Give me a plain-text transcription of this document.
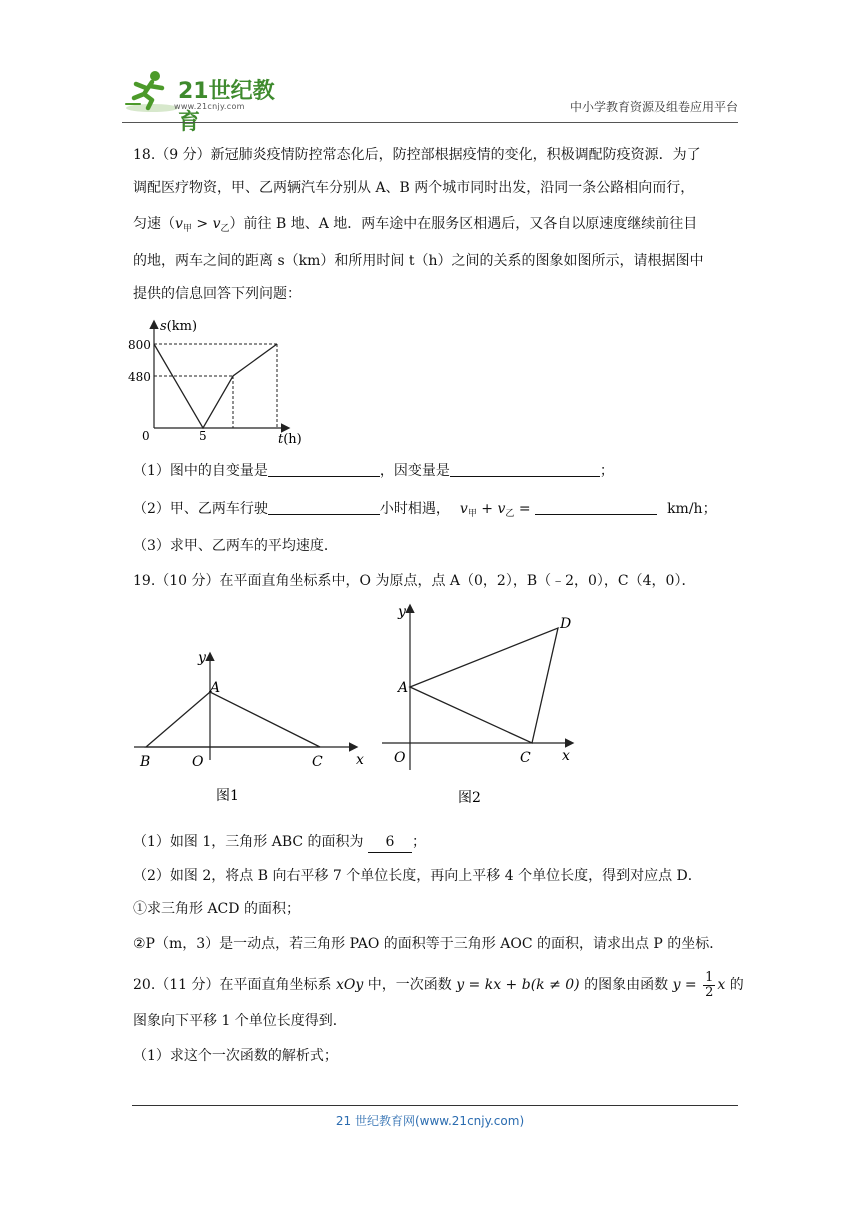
21世纪教育
www.21cnjy.com	中小学教育资源及组卷应用平台
18.（9 分）新冠肺炎疫情防控常态化后，防控部根据疫情的变化，积极调配防疫资源．为了
调配医疗物资，甲、乙两辆汽车分别从 A、B 两个城市同时出发，沿同一条公路相向而行，
匀速$(v_甲 > v_乙)$前往 B 地、A 地．两车途中在服务区相遇后，又各自以原速度继续前往目
的地，两车之间的距离 s（km）和所用时间 t（h）之间的关系的图象如图所示，请根据图中
提供的信息回答下列问题：
s(km)
t(h)
800
480
0	5
（1）图中的自变量是	，因变量是	；
（2）甲、乙两车行驶	小时相遇， $v_甲 + v_乙$ =	km/h；
（3）求甲、乙两车的平均速度．
19.（10 分）在平面直角坐标系中，O 为原点，点 A（0，2），B（﹣2，0），C（4，0）．
y
x
A
B	O	C
图1
y
x
A
D
O	C
图2
（1）如图 1，三角形 ABC 的面积为 6 ；
（2）如图 2，将点 B 向右平移 7 个单位长度，再向上平移 4 个单位长度，得到对应点 D．
①求三角形 ACD 的面积；
②P（m，3）是一动点，若三角形 PAO 的面积等于三角形 AOC 的面积，请求出点 P 的坐标．
20.（11 分）在平面直角坐标系 xOy 中，一次函数 y = kx + b(k ≠ 0) 的图象由函数 $y = \frac{1}{2}$ x 的
图象向下平移 1 个单位长度得到．
（1）求这个一次函数的解析式；
21 世纪教育网(www.21cnjy.com)
